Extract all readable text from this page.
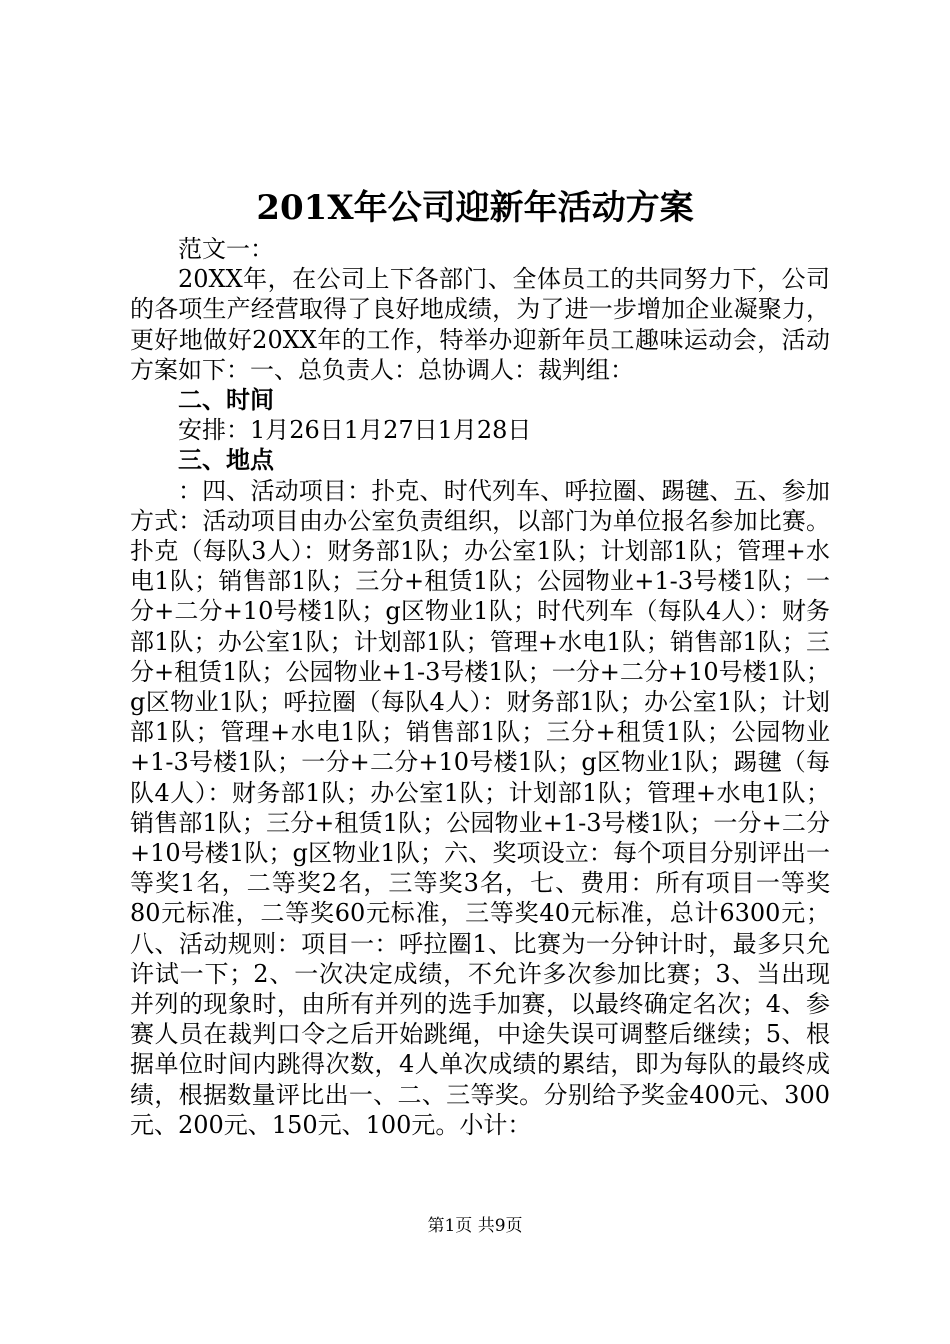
201X年公司迎新年活动方案

范文一：

20XX年，在公司上下各部门、全体员工的共同努力下，公司的各项生产经营取得了良好地成绩，为了进一步增加企业凝聚力，更好地做好20XX年的工作，特举办迎新年员工趣味运动会，活动方案如下：一、总负责人：总协调人：裁判组：

二、时间

安排：1月26日1月27日1月28日

三、地点

：四、活动项目：扑克、时代列车、呼拉圈、踢毽、五、参加方式：活动项目由办公室负责组织，以部门为单位报名参加比赛。扑克（每队3人）：财务部1队；办公室1队；计划部1队；管理+水电1队；销售部1队；三分+租赁1队；公园物业+1-3号楼1队；一分+二分+10号楼1队；g区物业1队；时代列车（每队4人）：财务部1队；办公室1队；计划部1队；管理+水电1队；销售部1队；三分+租赁1队；公园物业+1-3号楼1队；一分+二分+10号楼1队；g区物业1队；呼拉圈（每队4人）：财务部1队；办公室1队；计划部1队；管理+水电1队；销售部1队；三分+租赁1队；公园物业+1-3号楼1队；一分+二分+10号楼1队；g区物业1队；踢毽（每队4人）：财务部1队；办公室1队；计划部1队；管理+水电1队；销售部1队；三分+租赁1队；公园物业+1-3号楼1队；一分+二分+10号楼1队；g区物业1队；六、奖项设立：每个项目分别评出一等奖1名，二等奖2名，三等奖3名，七、费用：所有项目一等奖80元标准，二等奖60元标准，三等奖40元标准，总计6300元；八、活动规则：项目一：呼拉圈1、比赛为一分钟计时，最多只允许试一下；2、一次决定成绩，不允许多次参加比赛；3、当出现并列的现象时，由所有并列的选手加赛，以最终确定名次；4、参赛人员在裁判口令之后开始跳绳，中途失误可调整后继续；5、根据单位时间内跳得次数，4人单次成绩的累结，即为每队的最终成绩，根据数量评比出一、二、三等奖。分别给予奖金400元、300元、200元、150元、100元。小计：

第1页 共9页
